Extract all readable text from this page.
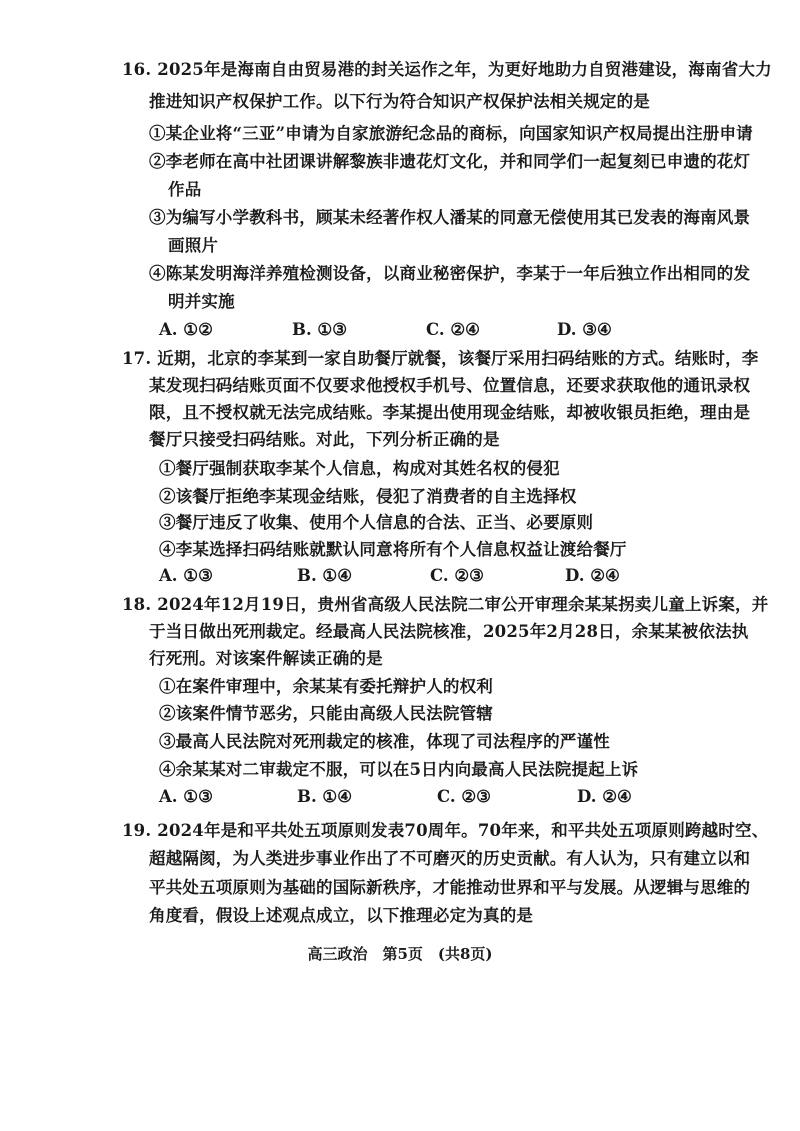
16. 2025年是海南自由贸易港的封关运作之年，为更好地助力自贸港建设，海南省大力
推进知识产权保护工作。以下行为符合知识产权保护法相关规定的是
①某企业将“三亚”申请为自家旅游纪念品的商标，向国家知识产权局提出注册申请
②李老师在高中社团课讲解黎族非遗花灯文化，并和同学们一起复刻已申遗的花灯
作品
③为编写小学教科书，顾某未经著作权人潘某的同意无偿使用其已发表的海南风景
画照片
④陈某发明海洋养殖检测设备，以商业秘密保护，李某于一年后独立作出相同的发
明并实施
A. ①②	B. ①③	C. ②④	D. ③④
17. 近期，北京的李某到一家自助餐厅就餐，该餐厅采用扫码结账的方式。结账时，李
某发现扫码结账页面不仅要求他授权手机号、位置信息，还要求获取他的通讯录权
限，且不授权就无法完成结账。李某提出使用现金结账，却被收银员拒绝，理由是
餐厅只接受扫码结账。对此，下列分析正确的是
①餐厅强制获取李某个人信息，构成对其姓名权的侵犯
②该餐厅拒绝李某现金结账，侵犯了消费者的自主选择权
③餐厅违反了收集、使用个人信息的合法、正当、必要原则
④李某选择扫码结账就默认同意将所有个人信息权益让渡给餐厅
A. ①③	B. ①④	C. ②③	D. ②④
18. 2024年12月19日，贵州省高级人民法院二审公开审理余某某拐卖儿童上诉案，并
于当日做出死刑裁定。经最高人民法院核准，2025年2月28日，余某某被依法执
行死刑。对该案件解读正确的是
①在案件审理中，余某某有委托辩护人的权利
②该案件情节恶劣，只能由高级人民法院管辖
③最高人民法院对死刑裁定的核准，体现了司法程序的严谨性
④余某某对二审裁定不服，可以在5日内向最高人民法院提起上诉
A. ①③	B. ①④	C. ②③	D. ②④
19. 2024年是和平共处五项原则发表70周年。70年来，和平共处五项原则跨越时空、
超越隔阂，为人类进步事业作出了不可磨灭的历史贡献。有人认为，只有建立以和
平共处五项原则为基础的国际新秩序，才能推动世界和平与发展。从逻辑与思维的
角度看，假设上述观点成立，以下推理必定为真的是
高三政治　第5页　(共8页)
